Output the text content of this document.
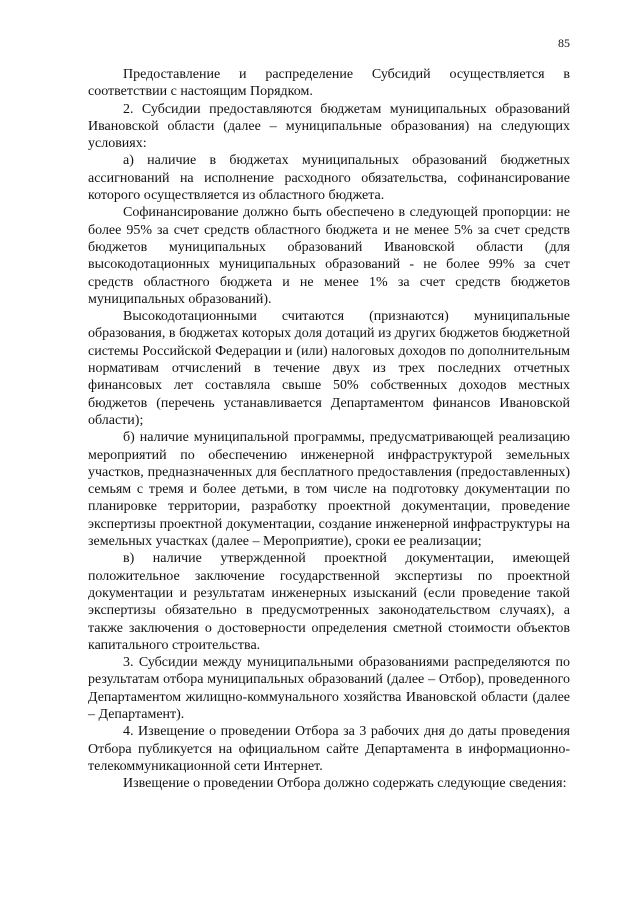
85

Предоставление и распределение Субсидий осуществляется в соответствии с настоящим Порядком.

2. Субсидии предоставляются бюджетам муниципальных образований Ивановской области (далее – муниципальные образования) на следующих условиях:

а) наличие в бюджетах муниципальных образований бюджетных ассигнований на исполнение расходного обязательства, софинансирование которого осуществляется из областного бюджета.

Софинансирование должно быть обеспечено в следующей пропорции: не более 95% за счет средств областного бюджета и не менее 5% за счет средств бюджетов муниципальных образований Ивановской области (для высокодотационных муниципальных образований - не более 99% за счет средств областного бюджета и не менее 1% за счет средств бюджетов муниципальных образований).

Высокодотационными считаются (признаются) муниципальные образования, в бюджетах которых доля дотаций из других бюджетов бюджетной системы Российской Федерации и (или) налоговых доходов по дополнительным нормативам отчислений в течение двух из трех последних отчетных финансовых лет составляла свыше 50% собственных доходов местных бюджетов (перечень устанавливается Департаментом финансов Ивановской области);

б) наличие муниципальной программы, предусматривающей реализацию мероприятий по обеспечению инженерной инфраструктурой земельных участков, предназначенных для бесплатного предоставления (предоставленных) семьям с тремя и более детьми, в том числе на подготовку документации по планировке территории, разработку проектной документации, проведение экспертизы проектной документации, создание инженерной инфраструктуры на земельных участках (далее – Мероприятие), сроки ее реализации;

в) наличие утвержденной проектной документации, имеющей положительное заключение государственной экспертизы по проектной документации и результатам инженерных изысканий (если проведение такой экспертизы обязательно в предусмотренных законодательством случаях), а также заключения о достоверности определения сметной стоимости объектов капитального строительства.

3. Субсидии между муниципальными образованиями распределяются по результатам отбора муниципальных образований (далее – Отбор), проведенного Департаментом жилищно-коммунального хозяйства Ивановской области (далее – Департамент).

4. Извещение о проведении Отбора за 3 рабочих дня до даты проведения Отбора публикуется на официальном сайте Департамента в информационно-телекоммуникационной сети Интернет.

Извещение о проведении Отбора должно содержать следующие сведения:
